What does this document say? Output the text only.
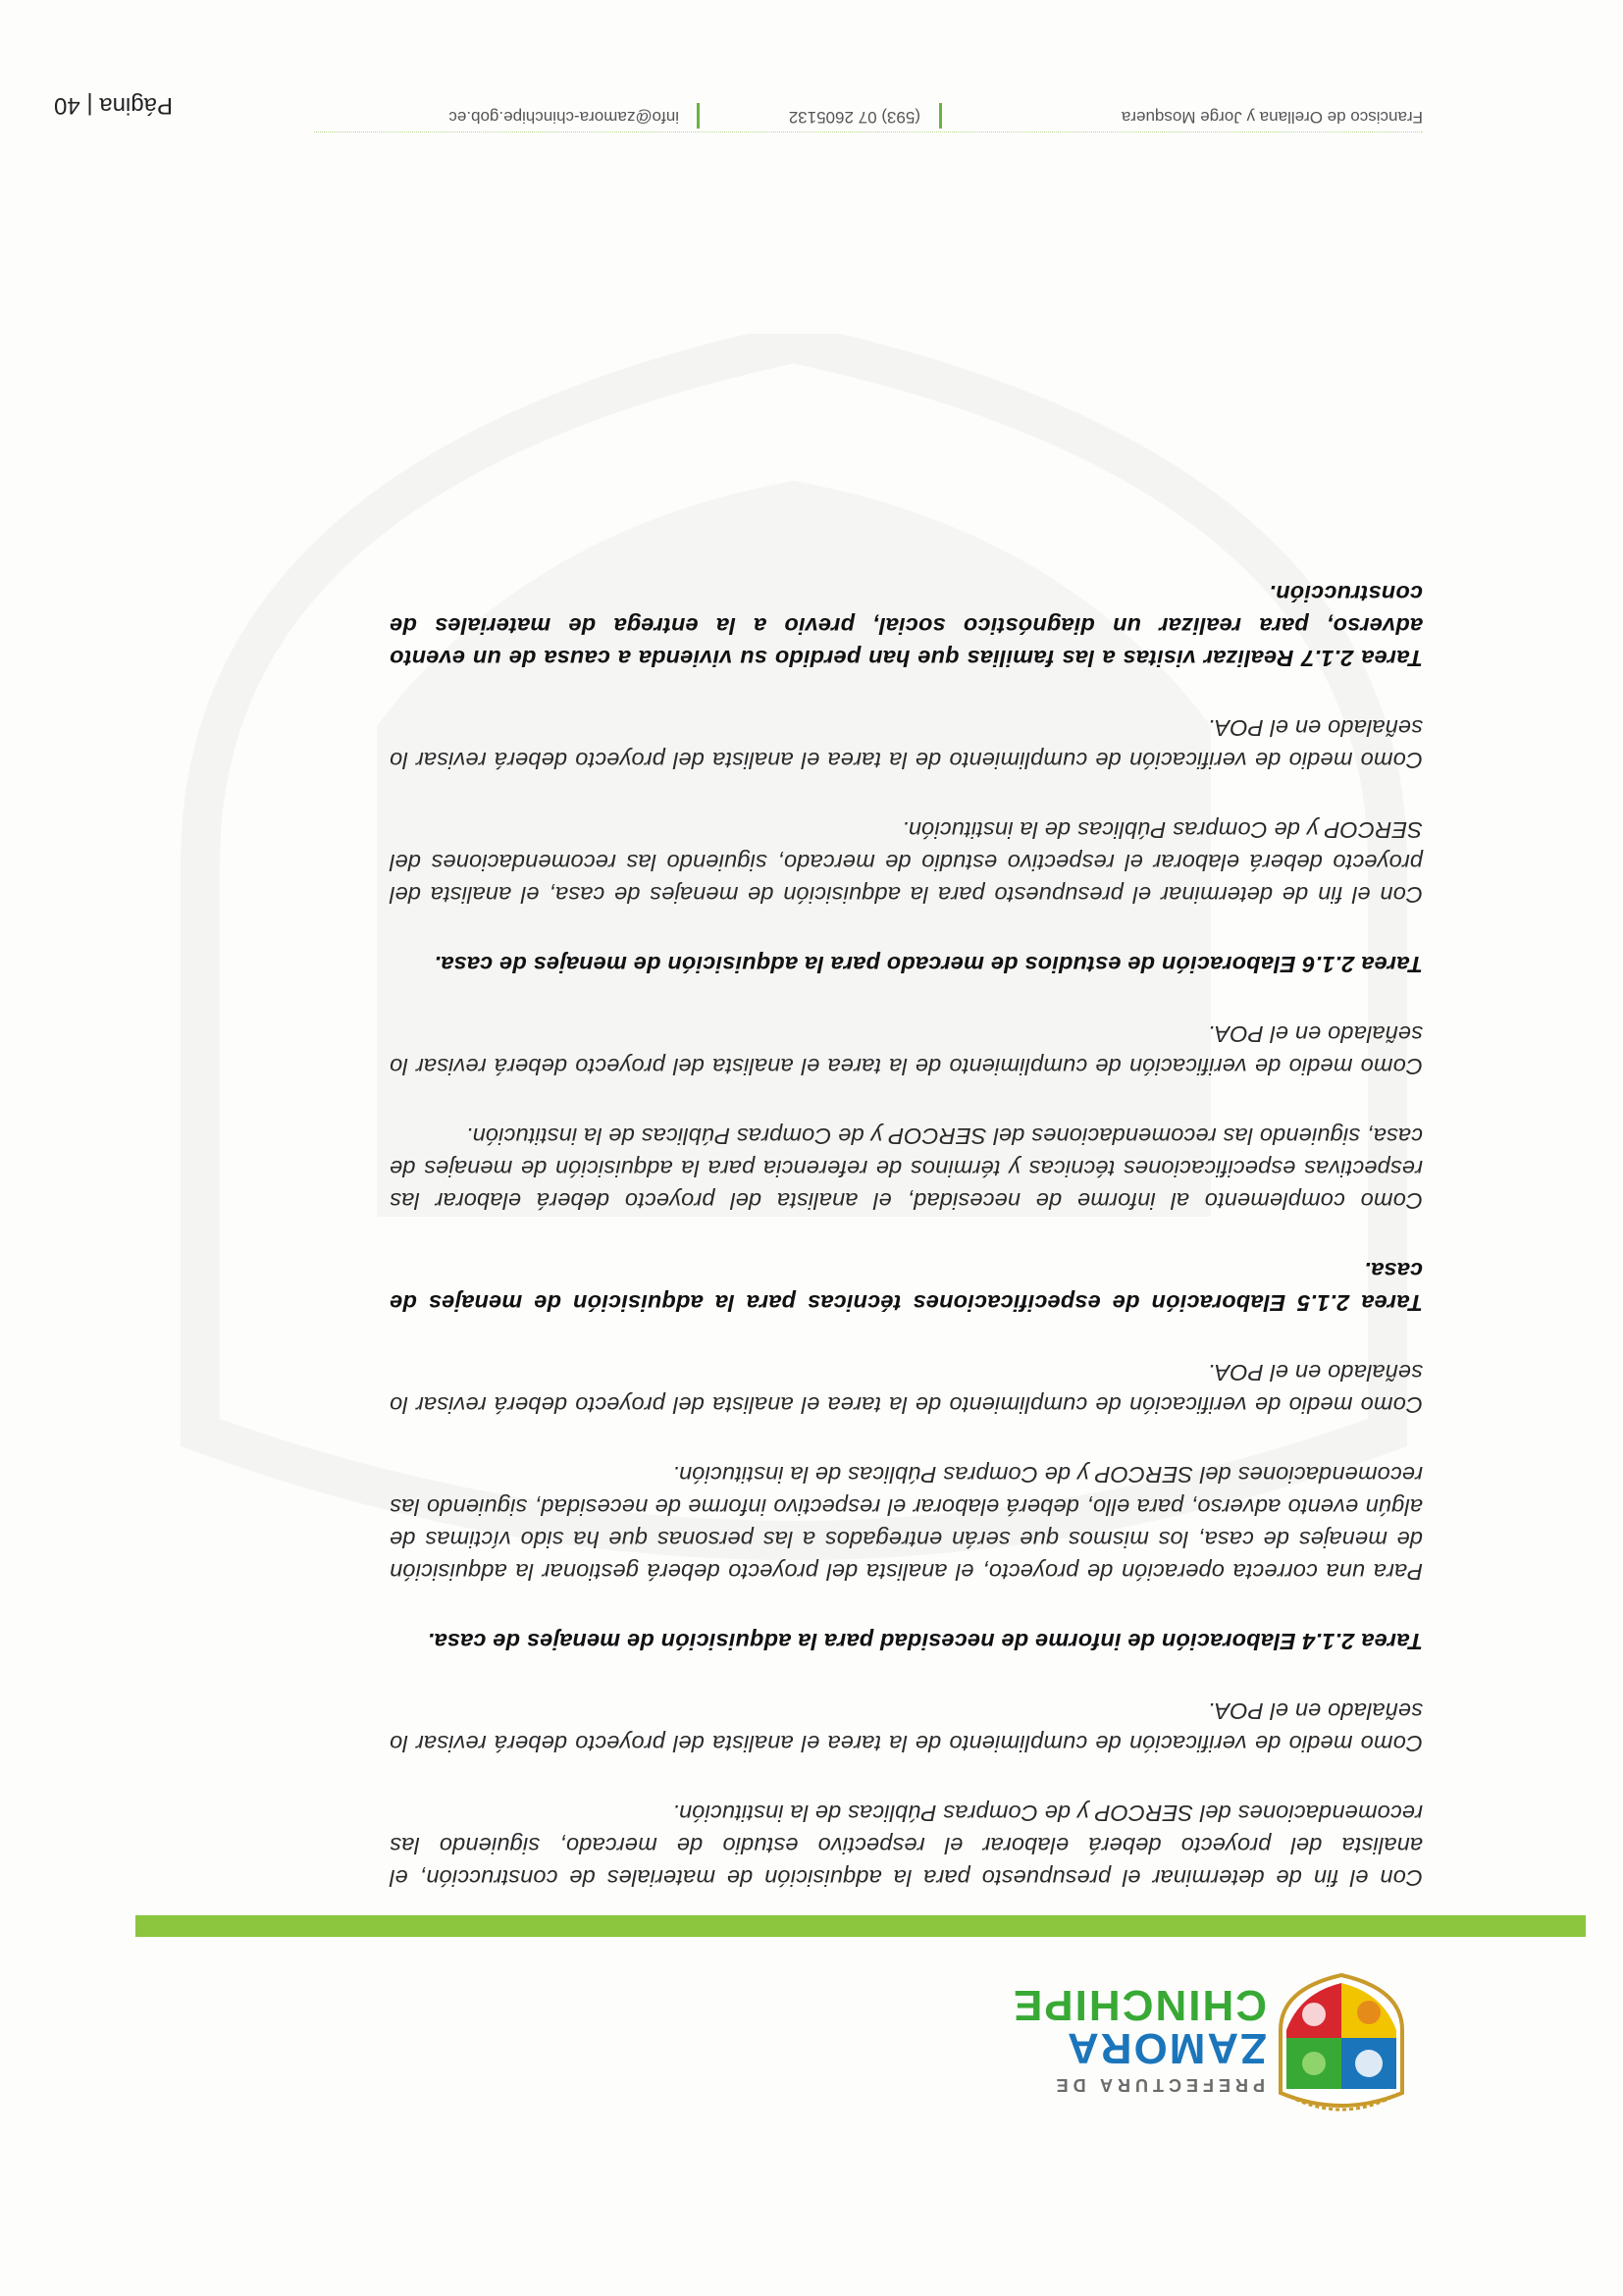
PREFECTURA DE
ZAMORA
CHINCHIPE

Con el fin de determinar el presupuesto para la adquisición de materiales de construcción, el analista del proyecto deberá elaborar el respectivo estudio de mercado, siguiendo las recomendaciones del SERCOP y de Compras Públicas de la institución.

Como medio de verificación de cumplimiento de la tarea el analista del proyecto deberá revisar lo señalado en el POA.

Tarea 2.1.4 Elaboración de informe de necesidad para la adquisición de menajes de casa.

Para una correcta operación de proyecto, el analista del proyecto deberá gestionar la adquisición de menajes de casa, los mismos que serán entregados a las personas que ha sido víctimas de algún evento adverso, para ello, deberá elaborar el respectivo informe de necesidad, siguiendo las recomendaciones del SERCOP y de Compras Públicas de la institución.

Como medio de verificación de cumplimiento de la tarea el analista del proyecto deberá revisar lo señalado en el POA.

Tarea 2.1.5 Elaboración de especificaciones técnicas para la adquisición de menajes de casa.

Como complemento al informe de necesidad, el analista del proyecto deberá elaborar las respectivas especificaciones técnicas y términos de referencia para la adquisición de menajes de casa, siguiendo las recomendaciones del SERCOP y de Compras Públicas de la institución.

Como medio de verificación de cumplimiento de la tarea el analista del proyecto deberá revisar lo señalado en el POA.

Tarea 2.1.6 Elaboración de estudios de mercado para la adquisición de menajes de casa.

Con el fin de determinar el presupuesto para la adquisición de menajes de casa, el analista del proyecto deberá elaborar el respectivo estudio de mercado, siguiendo las recomendaciones del SERCOP y de Compras Públicas de la institución.

Como medio de verificación de cumplimiento de la tarea el analista del proyecto deberá revisar lo señalado en el POA.

Tarea 2.1.7 Realizar visitas a las familias que han perdido su vivienda a causa de un evento adverso, para realizar un diagnóstico social, previo a la entrega de materiales de construcción.

Francisco de Orellana y Jorge Mosquera
(593) 07 2605132
info@zamora-chinchipe.gob.ec
Página | 40
